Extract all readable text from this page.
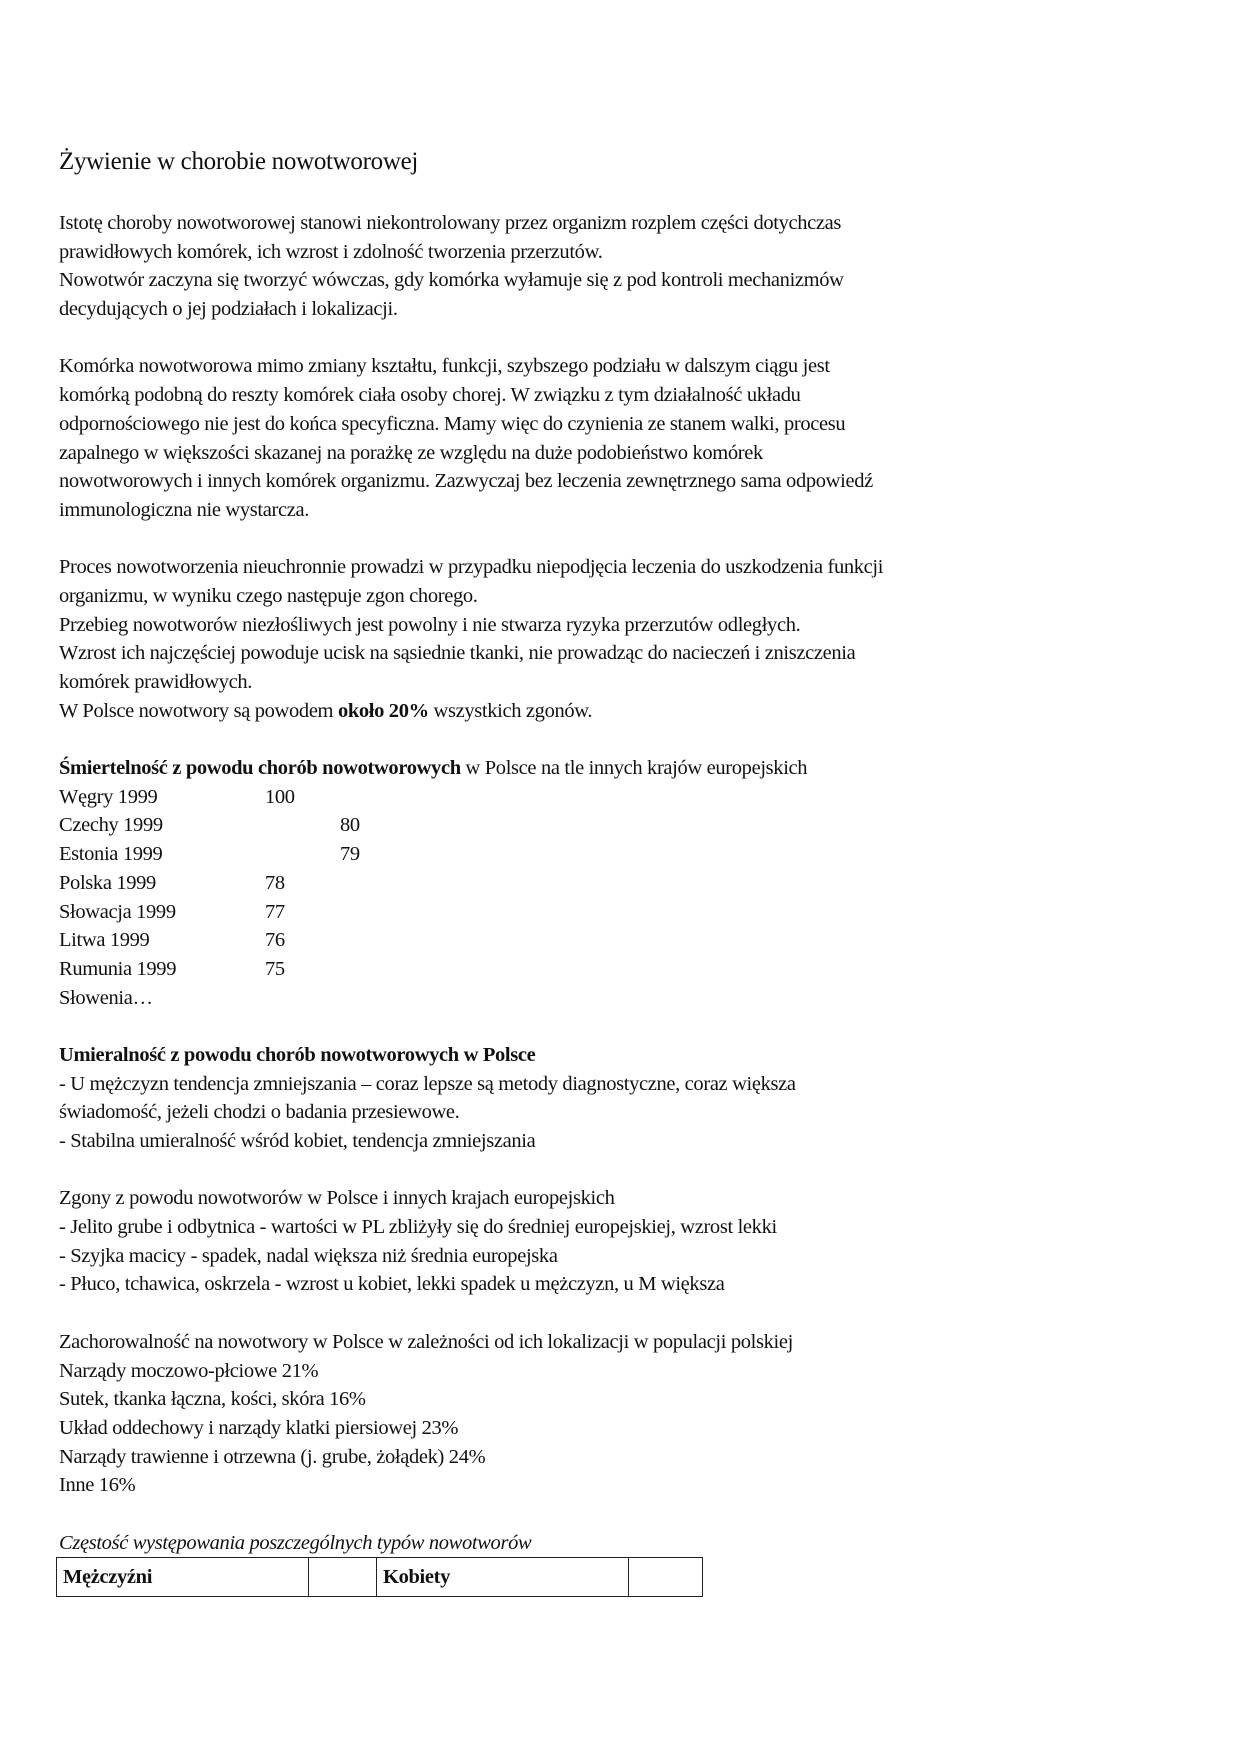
Żywienie w chorobie nowotworowej
Istotę choroby nowotworowej stanowi niekontrolowany przez organizm rozplem części dotychczas
prawidłowych komórek, ich wzrost i zdolność tworzenia przerzutów.
Nowotwór zaczyna się tworzyć wówczas, gdy komórka wyłamuje się z pod kontroli mechanizmów
decydujących o jej podziałach i lokalizacji.
Komórka nowotworowa mimo zmiany kształtu, funkcji, szybszego podziału w dalszym ciągu jest
komórką podobną do reszty komórek ciała osoby chorej. W związku z tym działalność układu
odpornościowego nie jest do końca specyficzna. Mamy więc do czynienia ze stanem walki, procesu
zapalnego w większości skazanej na porażkę ze względu na duże podobieństwo komórek
nowotworowych i innych komórek organizmu. Zazwyczaj bez leczenia zewnętrznego sama odpowiedź
immunologiczna nie wystarcza.
Proces nowotworzenia nieuchronnie prowadzi w przypadku niepodjęcia leczenia do uszkodzenia funkcji
organizmu, w wyniku czego następuje zgon chorego.
Przebieg nowotworów niezłośliwych jest powolny i nie stwarza ryzyka przerzutów odległych.
Wzrost ich najczęściej powoduje ucisk na sąsiednie tkanki, nie prowadząc do nacieczeń i zniszczenia
komórek prawidłowych.
W Polsce nowotwory są powodem około 20% wszystkich zgonów.
Śmiertelność z powodu chorób nowotworowych w Polsce na tle innych krajów europejskich
Węgry 1999	100
Czechy 1999	80
Estonia 1999	79
Polska 1999	78
Słowacja 1999	77
Litwa 1999	76
Rumunia 1999	75
Słowenia…
Umieralność z powodu chorób nowotworowych w Polsce
- U mężczyzn tendencja zmniejszania – coraz lepsze są metody diagnostyczne, coraz większa
świadomość, jeżeli chodzi o badania przesiewowe.
- Stabilna umieralność wśród kobiet, tendencja zmniejszania
Zgony z powodu nowotworów w Polsce i innych krajach europejskich
- Jelito grube i odbytnica - wartości w PL zbliżyły się do średniej europejskiej, wzrost lekki
- Szyjka macicy - spadek, nadal większa niż średnia europejska
- Płuco, tchawica, oskrzela - wzrost u kobiet, lekki spadek u mężczyzn, u M większa
Zachorowalność na nowotwory w Polsce w zależności od ich lokalizacji w populacji polskiej
Narządy moczowo-płciowe 21%
Sutek, tkanka łączna, kości, skóra 16%
Układ oddechowy i narządy klatki piersiowej 23%
Narządy trawienne i otrzewna (j. grube, żołądek) 24%
Inne 16%
Częstość występowania poszczególnych typów nowotworów
Mężczyźni		Kobiety	
